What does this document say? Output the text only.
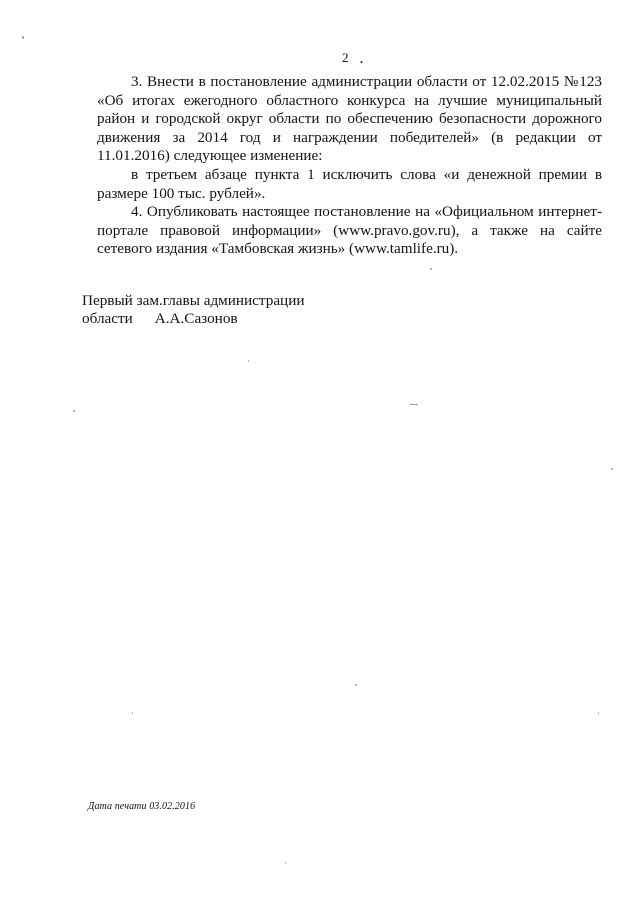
2 .

3. Внести в постановление администрации области от 12.02.2015 №123 «Об итогах ежегодного областного конкурса на лучшие муниципальный район и городской округ области по обеспечению безопасности дорожного движения за 2014 год и награждении победителей» (в редакции от 11.01.2016) следующее изменение:

в третьем абзаце пункта 1 исключить слова «и денежной премии в размере 100 тыс. рублей».

4. Опубликовать настоящее постановление на «Официальном интернет-портале правовой информации» (www.pravo.gov.ru), а также на сайте сетевого издания «Тамбовская жизнь» (www.tamlife.ru).

Первый зам.главы администрации

области А.А.Сазонов

Дата печати 03.02.2016
